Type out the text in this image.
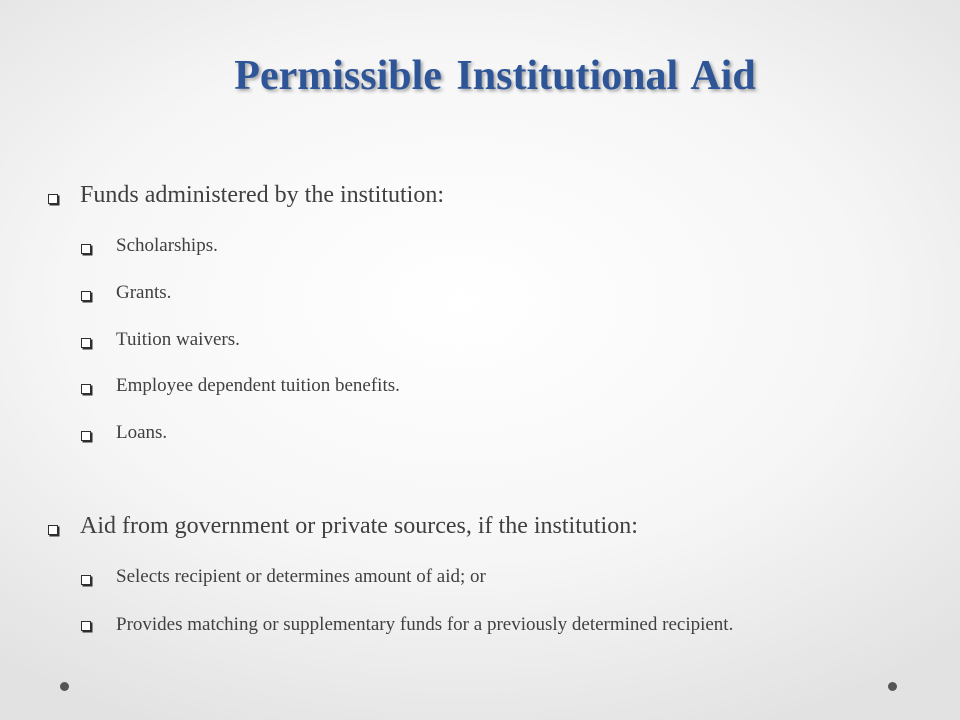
Permissible Institutional Aid
Funds administered by the institution:
Scholarships.
Grants.
Tuition waivers.
Employee dependent tuition benefits.
Loans.
Aid from government or private sources, if the institution:
Selects recipient or determines amount of aid; or
Provides matching or supplementary funds for a previously determined recipient.
